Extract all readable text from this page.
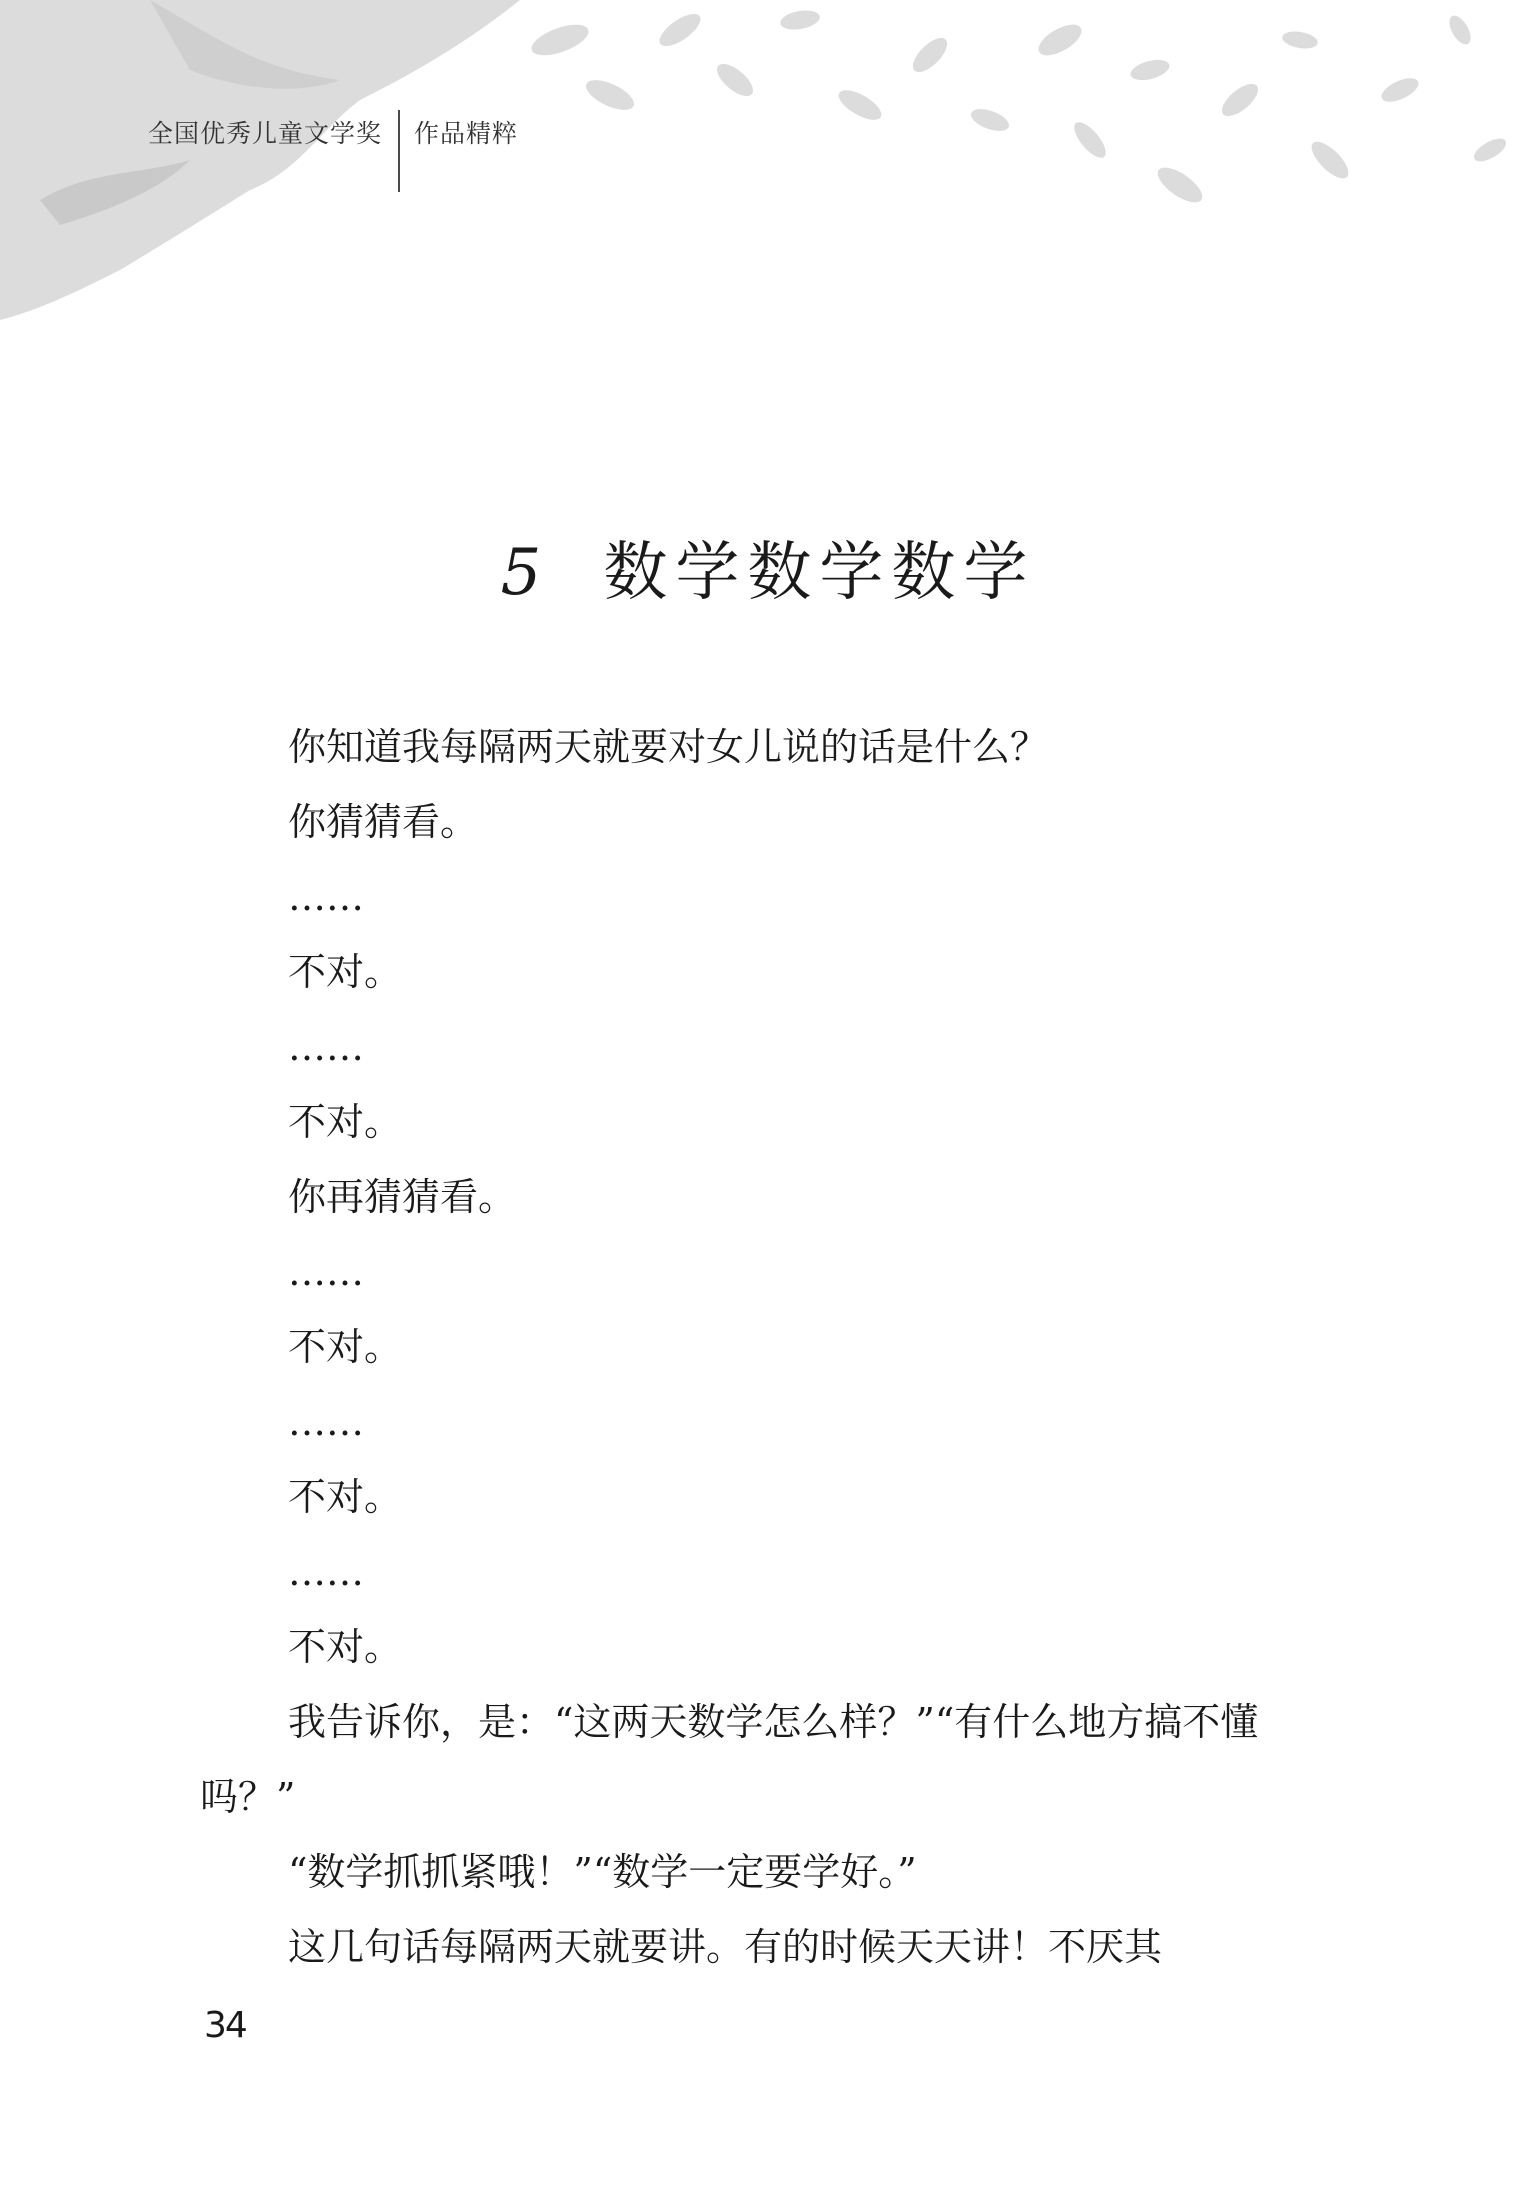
全国优秀儿童文学奖 作品精粹
5 数学数学数学

你知道我每隔两天就要对女儿说的话是什么？

你猜猜看。

……

不对。

……

不对。

你再猜猜看。

……

不对。

……

不对。

……

不对。

我告诉你，是：“这两天数学怎么样？”“有什么地方搞不懂吗？”

“数学抓抓紧哦！”“数学一定要学好。”

这几句话每隔两天就要讲。有的时候天天讲！不厌其

34
